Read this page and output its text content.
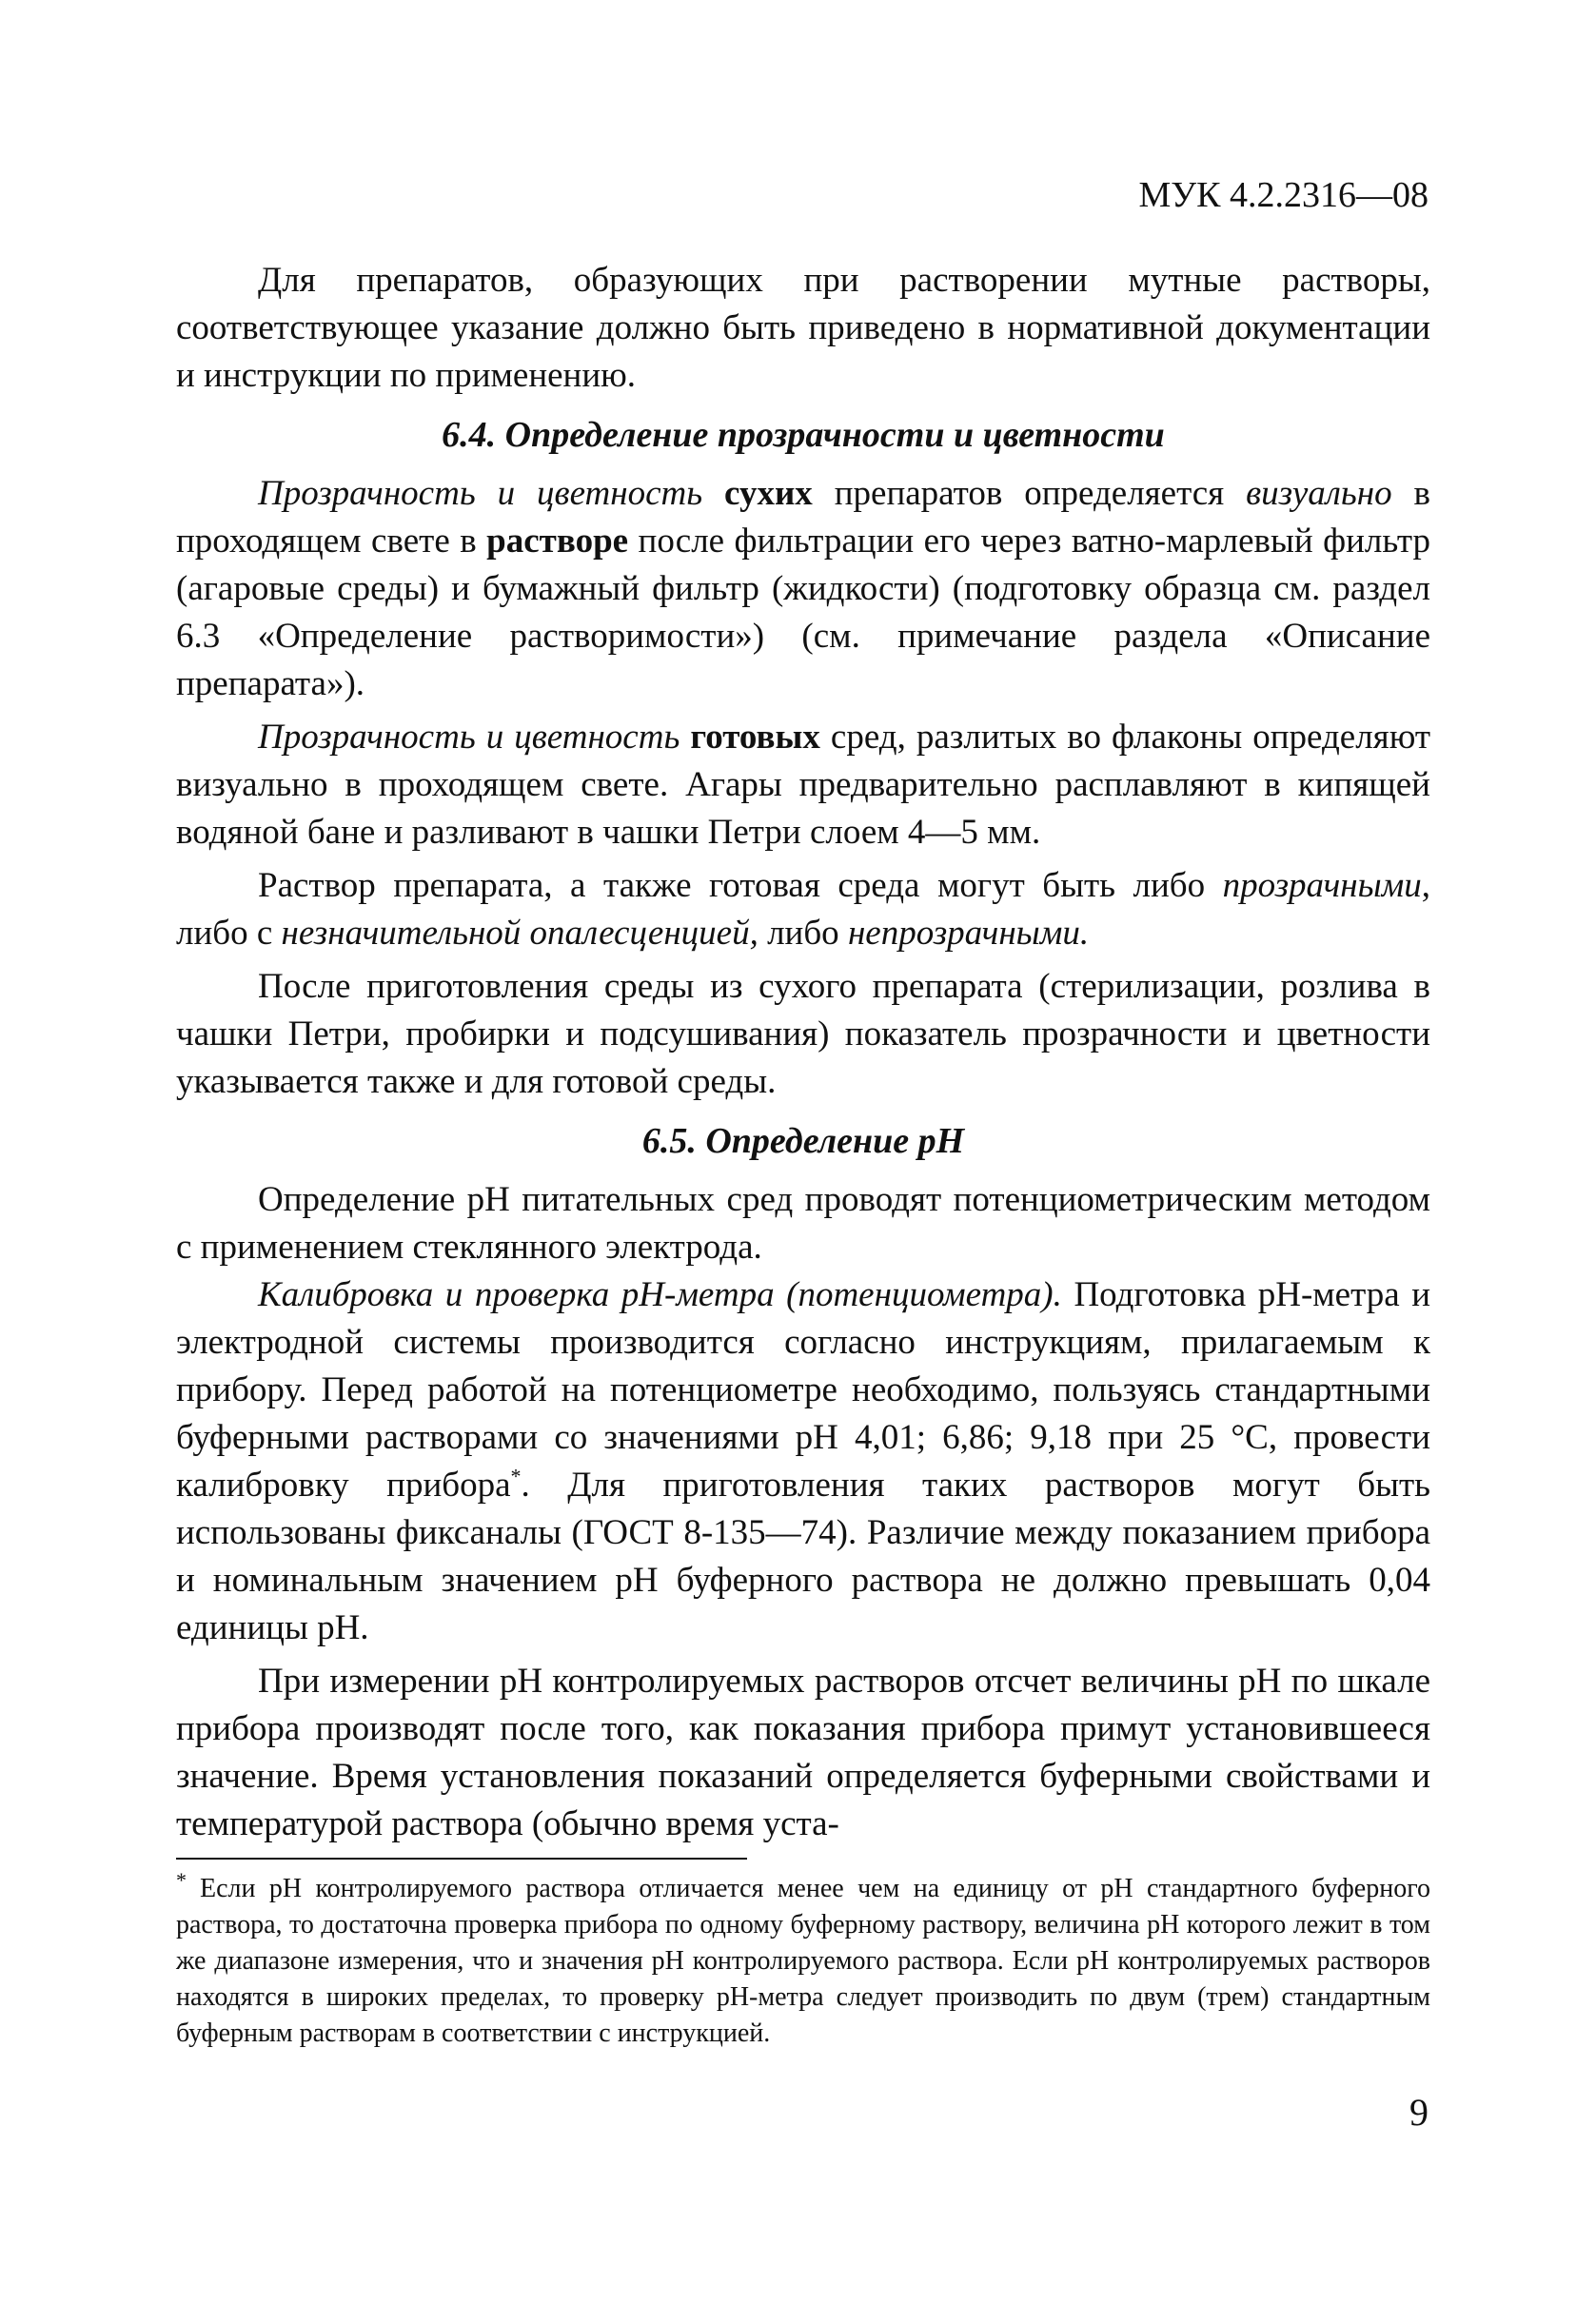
МУК 4.2.2316—08

Для препаратов, образующих при растворении мутные растворы, соответствующее указание должно быть приведено в нормативной документации и инструкции по применению.

6.4. Определение прозрачности и цветности

Прозрачность и цветность сухих препаратов определяется визуально в проходящем свете в растворе после фильтрации его через ватно-марлевый фильтр (агаровые среды) и бумажный фильтр (жидкости) (подготовку образца см. раздел 6.3 «Определение растворимости») (см. примечание раздела «Описание препарата»).

Прозрачность и цветность готовых сред, разлитых во флаконы определяют визуально в проходящем свете. Агары предварительно расплавляют в кипящей водяной бане и разливают в чашки Петри слоем 4—5 мм.

Раствор препарата, а также готовая среда могут быть либо прозрачными, либо с незначительной опалесценцией, либо непрозрачными.

После приготовления среды из сухого препарата (стерилизации, розлива в чашки Петри, пробирки и подсушивания) показатель прозрачности и цветности указывается также и для готовой среды.

6.5. Определение pH

Определение pH питательных сред проводят потенциометрическим методом с применением стеклянного электрода.

Калибровка и проверка pH-метра (потенциометра). Подготовка pH-метра и электродной системы производится согласно инструкциям, прилагаемым к прибору. Перед работой на потенциометре необходимо, пользуясь стандартными буферными растворами со значениями pH 4,01; 6,86; 9,18 при 25 °С, провести калибровку прибора*. Для приготовления таких растворов могут быть использованы фиксаналы (ГОСТ 8-135—74). Различие между показанием прибора и номинальным значением pH буферного раствора не должно превышать 0,04 единицы pH.

При измерении pH контролируемых растворов отсчет величины pH по шкале прибора производят после того, как показания прибора примут установившееся значение. Время установления показаний определяется буферными свойствами и температурой раствора (обычно время уста-

* Если pH контролируемого раствора отличается менее чем на единицу от pH стандартного буферного раствора, то достаточна проверка прибора по одному буферному раствору, величина pH которого лежит в том же диапазоне измерения, что и значения pH контролируемого раствора. Если pH контролируемых растворов находятся в широких пределах, то проверку pH-метра следует производить по двум (трем) стандартным буферным растворам в соответствии с инструкцией.

9
